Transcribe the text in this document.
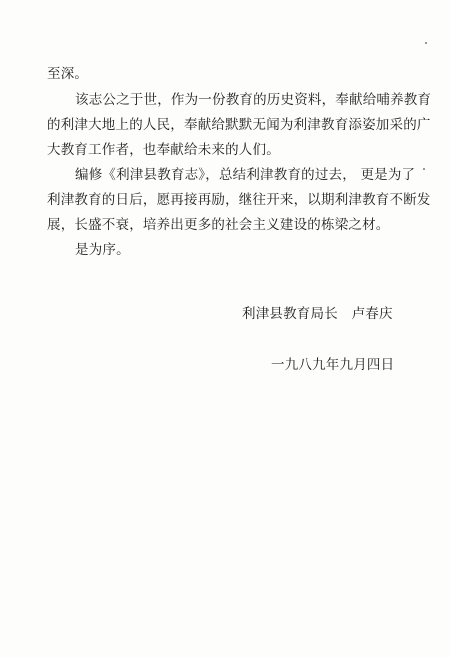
至深。
该志公之于世，作为一份教育的历史资料，奉献给哺养教育
的利津大地上的人民，奉献给默默无闻为利津教育添姿加采的广
大教育工作者，也奉献给未来的人们。
编修《利津县教育志》，总结利津教育的过去， 更是为了
利津教育的日后，愿再接再励，继往开来，以期利津教育不断发
展，长盛不衰，培养出更多的社会主义建设的栋梁之材。
是为序。
利津县教育局长　卢春庆
一九八九年九月四日
